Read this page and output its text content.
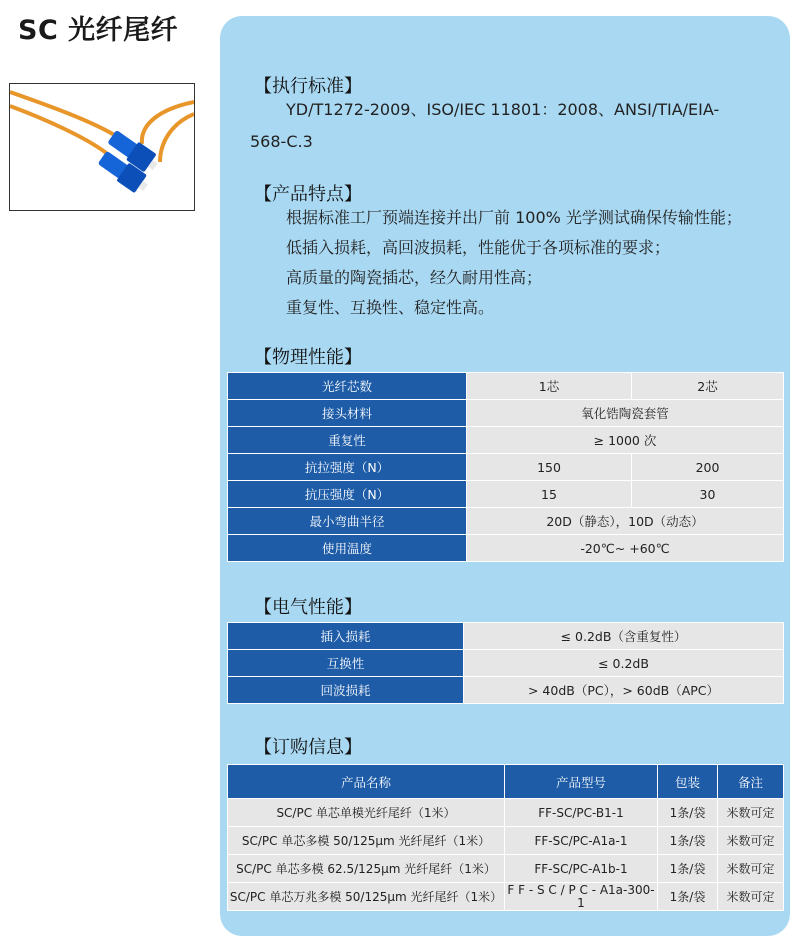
SC 光纤尾纤
【执行标准】
YD/T1272-2009、ISO/IEC 11801：2008、ANSI/TIA/EIA-
568-C.3
【产品特点】
根据标准工厂预端连接并出厂前 100% 光学测试确保传输性能；
低插入损耗，高回波损耗，性能优于各项标准的要求；
高质量的陶瓷插芯，经久耐用性高；
重复性、互换性、稳定性高。
【物理性能】
光纤芯数	1芯	2芯
接头材料	氧化锆陶瓷套管	
重复性	≥ 1000 次	
抗拉强度（N）	150	200
抗压强度（N）	15	30
最小弯曲半径	20D（静态），10D（动态）	
使用温度	-20℃~ +60℃	
【电气性能】
插入损耗	≤ 0.2dB（含重复性）
互换性	≤ 0.2dB
回波损耗	> 40dB（PC），> 60dB（APC）
【订购信息】
产品名称	产品型号	包装	备注
SC/PC 单芯单模光纤尾纤（1米）	FF-SC/PC-B1-1	1条/袋	米数可定
SC/PC 单芯多模 50/125μm 光纤尾纤（1米）	FF-SC/PC-A1a-1	1条/袋	米数可定
SC/PC 单芯多模 62.5/125μm 光纤尾纤（1米）	FF-SC/PC-A1b-1	1条/袋	米数可定
SC/PC 单芯万兆多模 50/125μm 光纤尾纤（1米）	F F - S C / P C - A1a-300-1	1条/袋	米数可定
